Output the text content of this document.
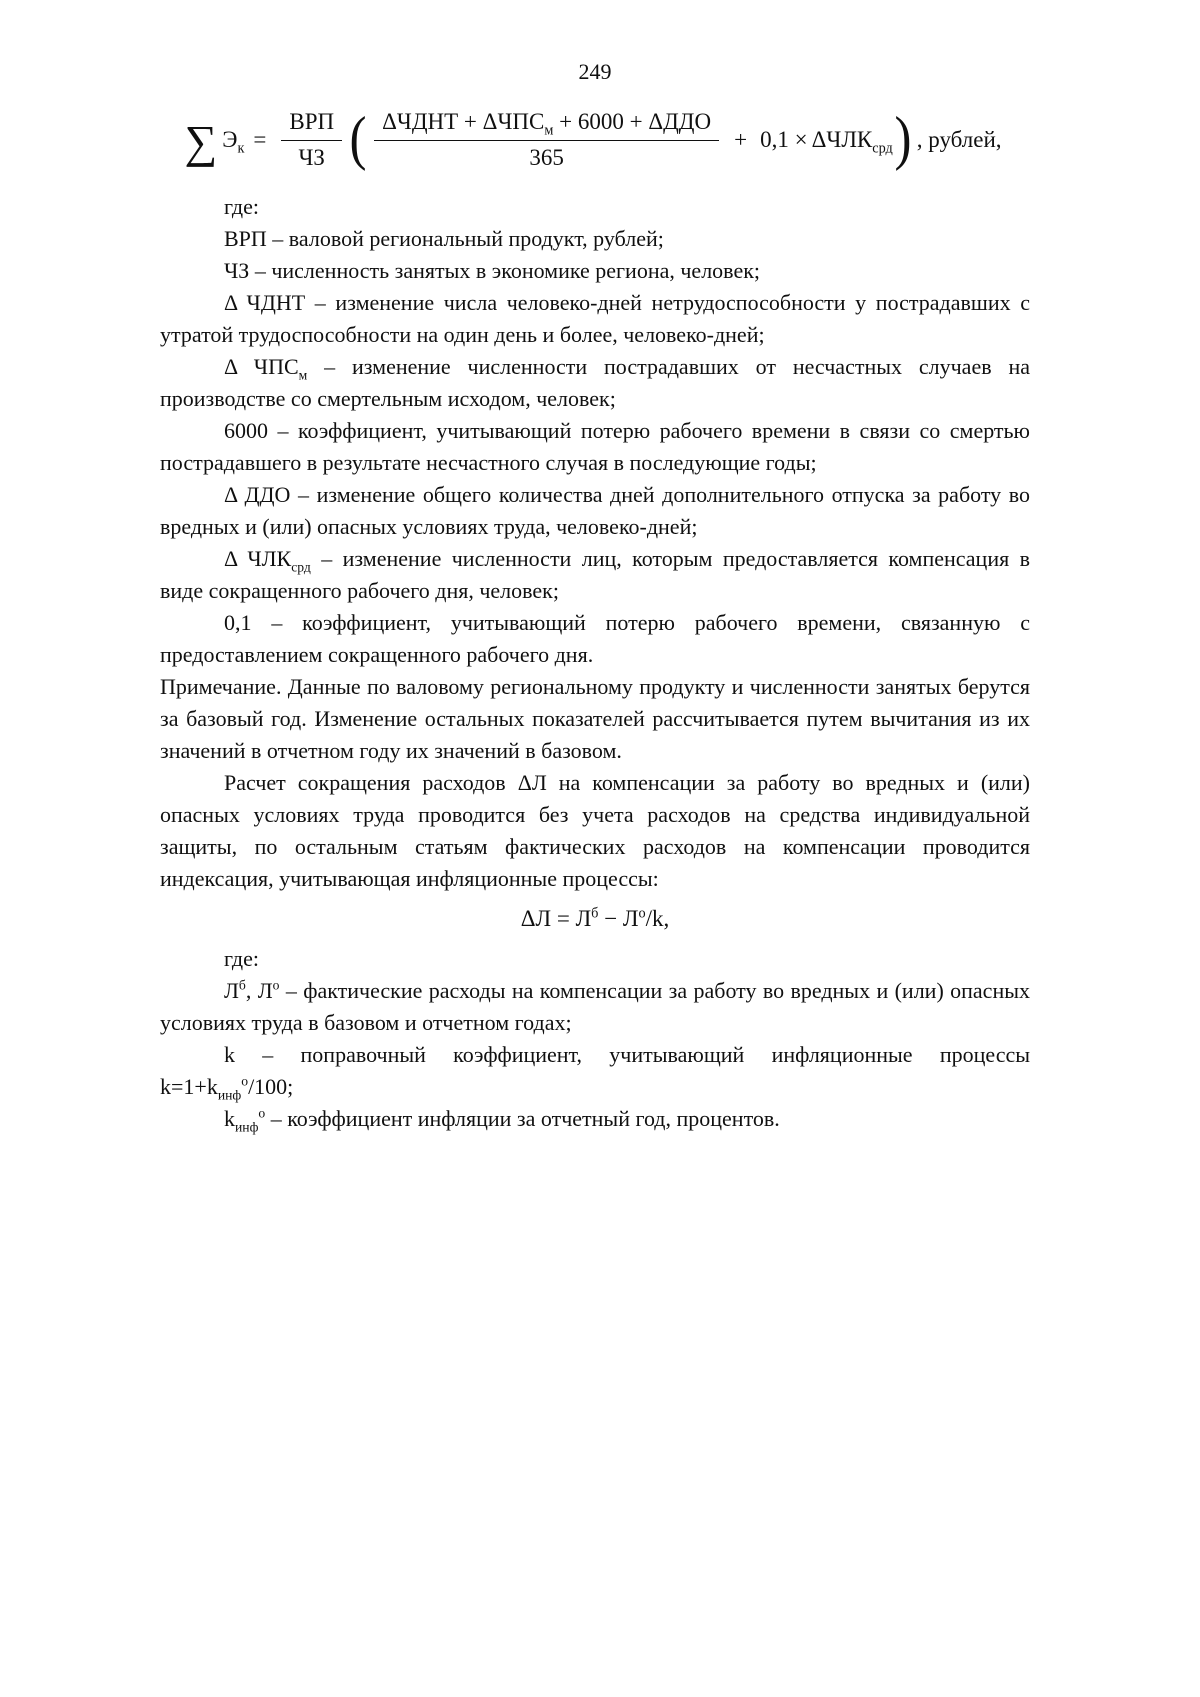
249
∑ $Э_к = \frac{\text{ВРП}}{ЧЗ}$ ( $\frac{\Delta ЧДНТ + \Delta ЧПС_м + 6000 + \Delta ДДО}{365} + 0,1 \times \Delta ЧЛК_{срд}$ ) , рублей,

где:

ВРП – валовой региональный продукт, рублей;

ЧЗ – численность занятых в экономике региона, человек;

Δ ЧДНТ – изменение числа человеко-дней нетрудоспособности у пострадавших с утратой трудоспособности на один день и более, человеко-дней;

Δ $ЧПС_м$ – изменение численности пострадавших от несчастных случаев на производстве со смертельным исходом, человек;

6000 – коэффициент, учитывающий потерю рабочего времени в связи со смертью пострадавшего в результате несчастного случая в последующие годы;

Δ ДДО – изменение общего количества дней дополнительного отпуска за работу во вредных и (или) опасных условиях труда, человеко-дней;

Δ $ЧЛК_{срд}$ – изменение численности лиц, которым предоставляется компенсация в виде сокращенного рабочего дня, человек;

0,1 – коэффициент, учитывающий потерю рабочего времени, связанную с предоставлением сокращенного рабочего дня.

Примечание. Данные по валовому региональному продукту и численности занятых берутся за базовый год. Изменение остальных показателей рассчитывается путем вычитания из их значений в отчетном году их значений в базовом.

Расчет сокращения расходов ΔЛ на компенсации за работу во вредных и (или) опасных условиях труда проводится без учета расходов на средства индивидуальной защиты, по остальным статьям фактических расходов на компенсации проводится индексация, учитывающая инфляционные процессы:

$\Delta Л = Л^б - Л^о/k$,

где:

$Л^б$, $Л^о$ – фактические расходы на компенсации за работу во вредных и (или) опасных условиях труда в базовом и отчетном годах;

k – поправочный коэффициент, учитывающий инфляционные процессы $k=1+k_{инф}^о/100$;

$k_{инф}^о$ – коэффициент инфляции за отчетный год, процентов.
